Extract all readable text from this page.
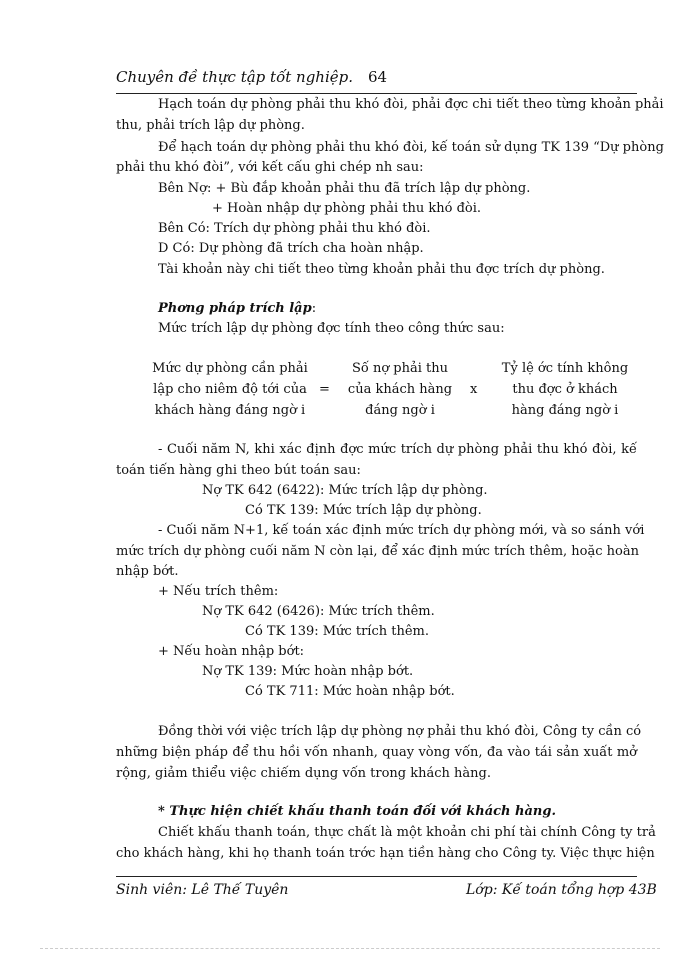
Chuyên đề thực tập tốt nghiệp. 64
Hạch toán dự phòng phải thu khó đòi, phải đợc chi tiết theo từng khoản phải
thu, phải trích lập dự phòng.
Để hạch toán dự phòng phải thu khó đòi, kế toán sử dụng TK 139 “Dự phòng
phải thu khó đòi”, với kết cấu ghi chép nh sau:
Bên Nợ: + Bù đắp khoản phải thu đã trích lập dự phòng.
+ Hoàn nhập dự phòng phải thu khó đòi.
Bên Có: Trích dự phòng phải thu khó đòi.
D Có: Dự phòng đã trích cha hoàn nhập.
Tài khoản này chi tiết theo từng khoản phải thu đợc trích dự phòng.
Phơng pháp trích lập:
Mức trích lập dự phòng đợc tính theo công thức sau:
Mức dự phòng cần phải
lập cho niêm độ tới của
khách hàng đáng ngờ i
=
Số nợ phải thu
của khách hàng
đáng ngờ i
x
Tỷ lệ ớc tính không
thu đợc ở khách
hàng đáng ngờ i
- Cuối năm N, khi xác định đợc mức trích dự phòng phải thu khó đòi, kế
toán tiến hàng ghi theo bút toán sau:
Nợ TK 642 (6422): Mức trích lập dự phòng.
Có TK 139: Mức trích lập dự phòng.
- Cuối năm N+1, kế toán xác định mức trích dự phòng mới, và so sánh với
mức trích dự phòng cuối năm N còn lại, để xác định mức trích thêm, hoặc hoàn
nhập bớt.
+ Nếu trích thêm:
Nợ TK 642 (6426): Mức trích thêm.
Có TK 139: Mức trích thêm.
+ Nếu hoàn nhập bớt:
Nợ TK 139: Mức hoàn nhập bớt.
Có TK 711: Mức hoàn nhập bớt.
Đồng thời với việc trích lập dự phòng nợ phải thu khó đòi, Công ty cần có
những biện pháp để thu hồi vốn nhanh, quay vòng vốn, đa vào tái sản xuất mở
rộng, giảm thiểu việc chiếm dụng vốn trong khách hàng.
* Thực hiện chiết khấu thanh toán đối với khách hàng.
Chiết khấu thanh toán, thực chất là một khoản chi phí tài chính Công ty trả
cho khách hàng, khi họ thanh toán trớc hạn tiền hàng cho Công ty. Việc thực hiện
Sinh viên: Lê Thế Tuyên	Lớp: Kế toán tổng hợp 43B
